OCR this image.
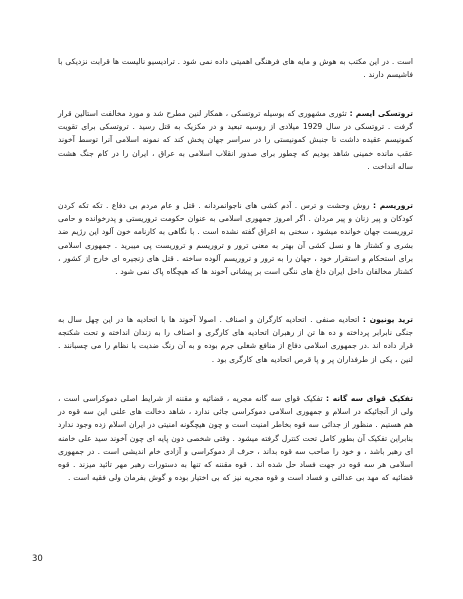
است . در این مکتب به هوش و مایه های فرهنگی اهمیتی داده نمی شود . تراديسيو نالیست ها قرابت نزدیکی با فاشیسم دارند .

تروتسکی ایسم : تئوری مشهوری که بوسیله تروتسکی ، همکار لنین مطرح شد و مورد مخالفت استالین قرار گرفت . تروتسکی در سال 1929 میلادی از روسیه تبعید و در مکزیک به قتل رسید . تروتسکی برای تقویت کمونیسم عقیده داشت تا جنبش کمونیستی را در سراسر جهان پخش کند که نمونه اسلامی آنرا توسط آخوند عقب مانده خمینی شاهد بودیم که چطور برای صدور انقلاب اسلامی به عراق ، ایران را در کام جنگ هشت ساله انداخت .

تروریسم : روش وحشت و ترس . آدم کشی های ناجوانمردانه . قتل و عام مردم بی دفاع . تکه تکه کردن کودکان و پیر زنان و پیر مردان . اگر امروز جمهوری اسلامی به عنوان حکومت تروریستی و پدرخوانده و حامی تروریست جهان خوانده میشود ، سخنی به اغراق گفته نشده است . با نگاهی به کارنامه خون آلود این رژیم ضد بشری و کشتار ها و نسل کشی آن بهتر به معنی ترور و تروریسم و تروریست پی میبرید . جمهوری اسلامی برای استحکام و استقرار خود ، جهان را به ترور و تروریسم آلوده ساخته . قتل های زنجیره ای خارج از کشور ، کشتار مخالفان داخل ایران داغ های ننگی است بر پیشانی آخوند ها که هیچگاه پاک نمی شود .

ترید یونیون : اتحادیه صنفی . اتحادیه کارگران و اصناف . اصولا آخوند ها با اتحادیه ها در این چهل سال به جنگی نابرابر پرداخته و ده ها تن از رهبران اتحادیه های کارگری و اصناف را به زندان انداخته و تحت شکنجه قرار داده اند .در جمهوری اسلامی دفاع از منافع شغلی جرم بوده و به آن رنگ ضدیت با نظام را می چسبانند . لنین ، یکی از طرفداران پر و پا قرص اتحادیه های کارگری بود .

تفکیک قوای سه گانه : تفکیک قوای سه گانه مجریه ، قضائیه و مقننه از شرایط اصلی دموکراسی است ، ولی از آنجائیکه در اسلام و جمهوری اسلامی دموکراسی جائی ندارد ، شاهد دخالت های علنی این سه قوه در هم هستیم . منظور از جدائی سه قوه بخاطر امنیت است و چون هیچگونه امنیتی در ایران اسلام زده وجود ندارد بنابراین تفکیک آن بطور کامل تحت کنترل گرفته میشود . وقتی شخصی دون پایه ای چون آخوند سید علی خامنه ای رهبر باشد ، و خود را صاحب سه قوه بداند ، حرف از دموکراسی و آزادی خام اندیشی است . در جمهوری اسلامی هر سه قوه در جهت فساد حل شده اند . قوه مقننه که تنها به دستورات رهبر مهر تائید میزند . قوه قضائیه که مهد بی عدالتی و فساد است و قوه مجریه نیز که بی اختیار بوده و گوش بفرمان ولی فقیه است .

30
